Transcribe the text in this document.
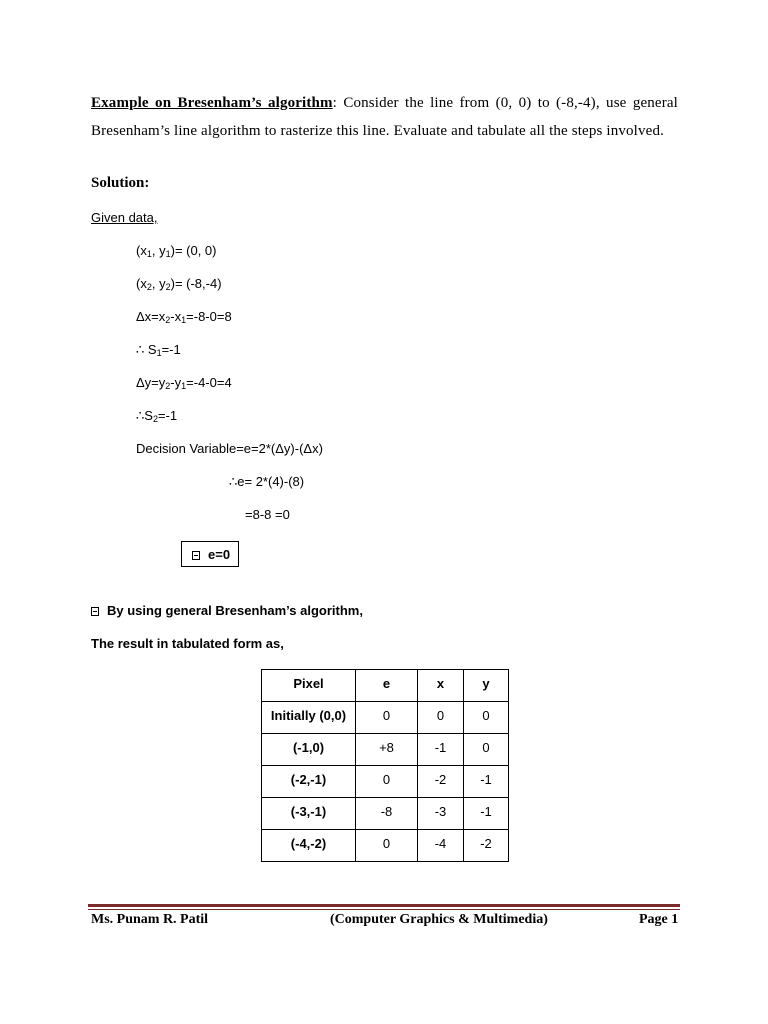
Example on Bresenham’s algorithm: Consider the line from (0, 0) to (-8,-4), use general Bresenham’s line algorithm to rasterize this line. Evaluate and tabulate all the steps involved.
Solution:
Given data,
($x_1$, $y_1)= (0$, 0)
($x_2$, $y_2)= (-8,-4)$
$\Delta x=x_2-x_1=-8-0=8$
∴ $S_1=-1$
$\Delta y=y_2-y_1=-4-0=4$
$\therefore S_2=-1$
Decision Variable=e=2*(Δy)-(Δx)
∴e= 2*(4)-(8)
=8-8 =0
e=0
By using general Bresenham’s algorithm,
The result in tabulated form as,
Pixel	e	x	y
Initially (0,0)	0	0	0
(-1,0)	+8	-1	0
(-2,-1)	0	-2	-1
(-3,-1)	-8	-3	-1
(-4,-2)	0	-4	-2
Ms. Punam R. Patil	(Computer Graphics & Multimedia)	Page 1
